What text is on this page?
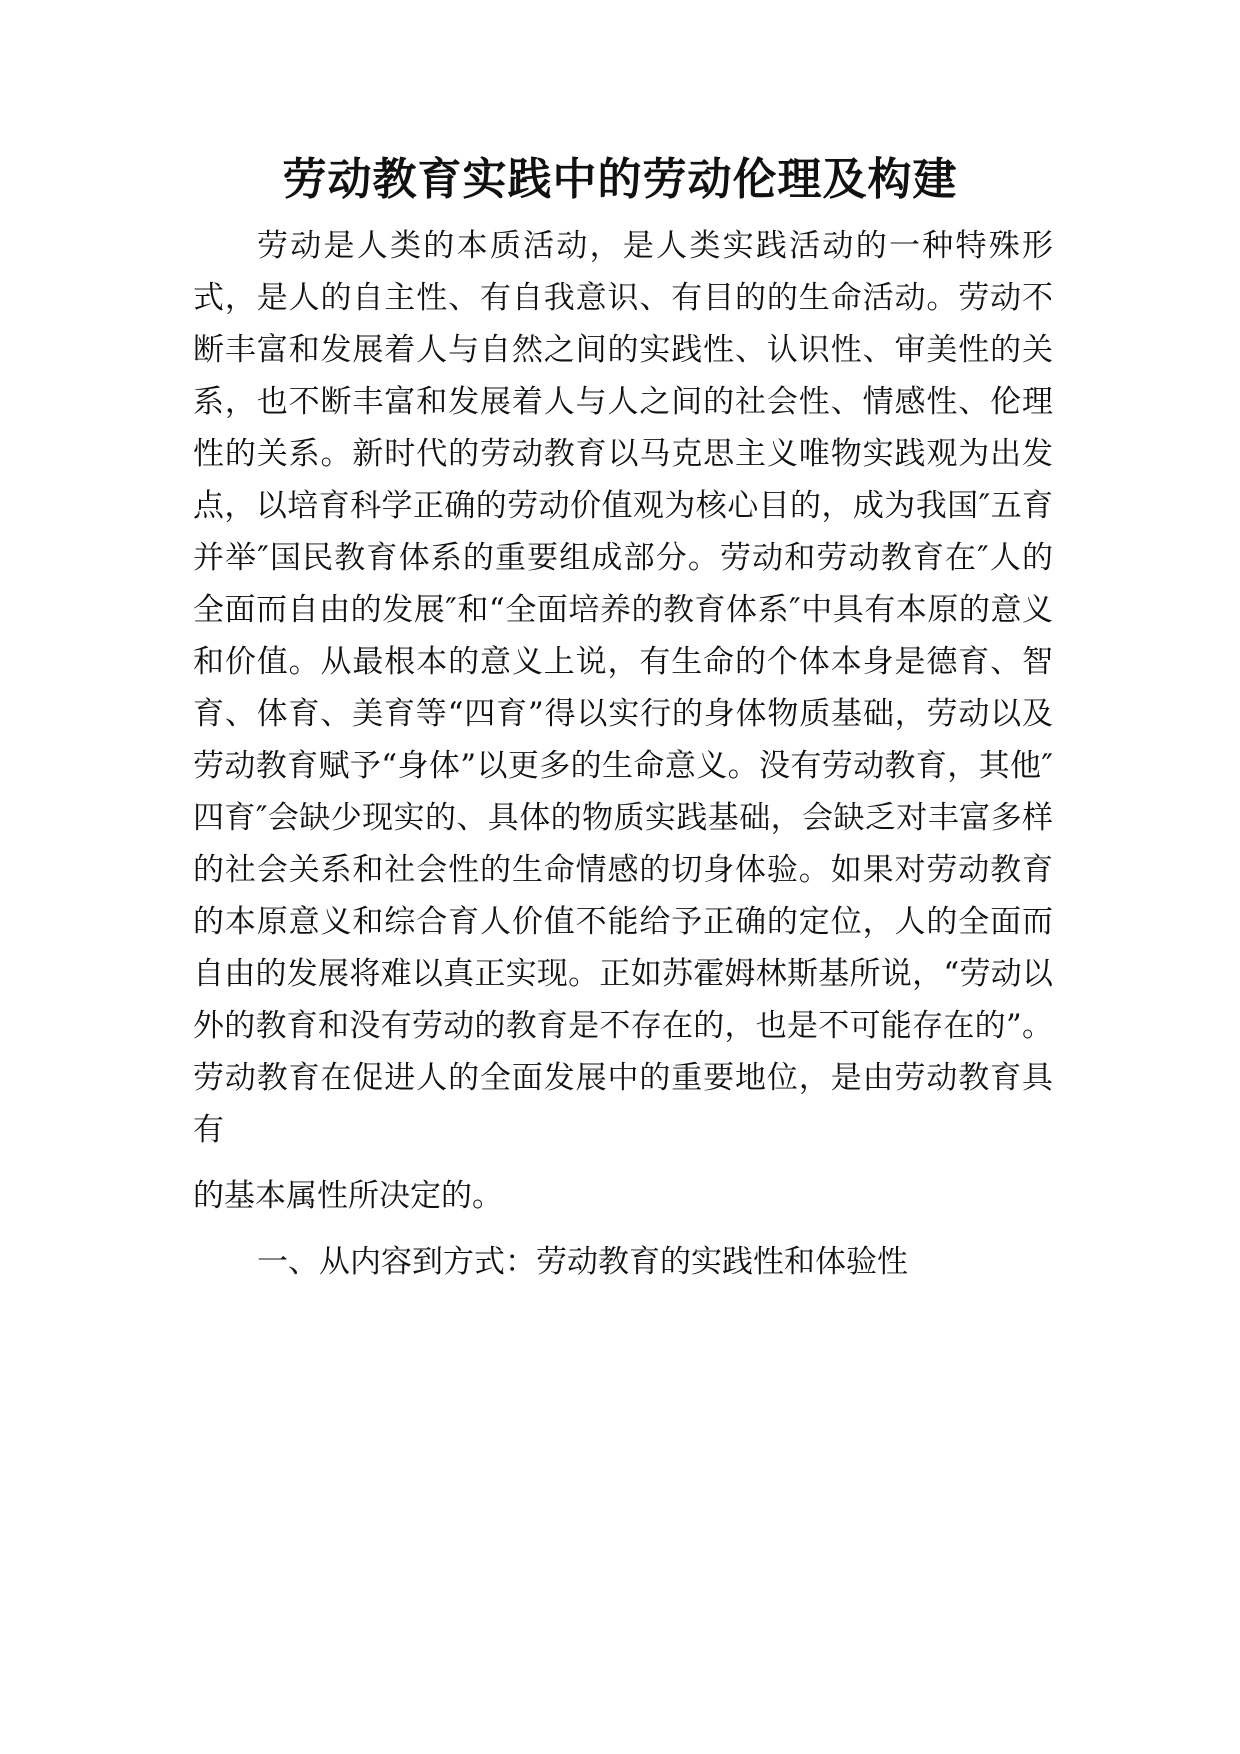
劳动教育实践中的劳动伦理及构建

劳动是人类的本质活动，是人类实践活动的一种特殊形式，是人的自主性、有自我意识、有目的的生命活动。劳动不断丰富和发展着人与自然之间的实践性、认识性、审美性的关系，也不断丰富和发展着人与人之间的社会性、情感性、伦理性的关系。新时代的劳动教育以马克思主义唯物实践观为出发点，以培育科学正确的劳动价值观为核心目的，成为我国″五育并举″国民教育体系的重要组成部分。劳动和劳动教育在″人的全面而自由的发展″和“全面培养的教育体系″中具有本原的意义和价值。从最根本的意义上说，有生命的个体本身是德育、智育、体育、美育等“四育”得以实行的身体物质基础，劳动以及劳动教育赋予“身体”以更多的生命意义。没有劳动教育，其他″四育″会缺少现实的、具体的物质实践基础，会缺乏对丰富多样的社会关系和社会性的生命情感的切身体验。如果对劳动教育的本原意义和综合育人价值不能给予正确的定位，人的全面而自由的发展将难以真正实现。正如苏霍姆林斯基所说，“劳动以外的教育和没有劳动的教育是不存在的，也是不可能存在的”。劳动教育在促进人的全面发展中的重要地位，是由劳动教育具有

的基本属性所决定的。

一、从内容到方式：劳动教育的实践性和体验性
